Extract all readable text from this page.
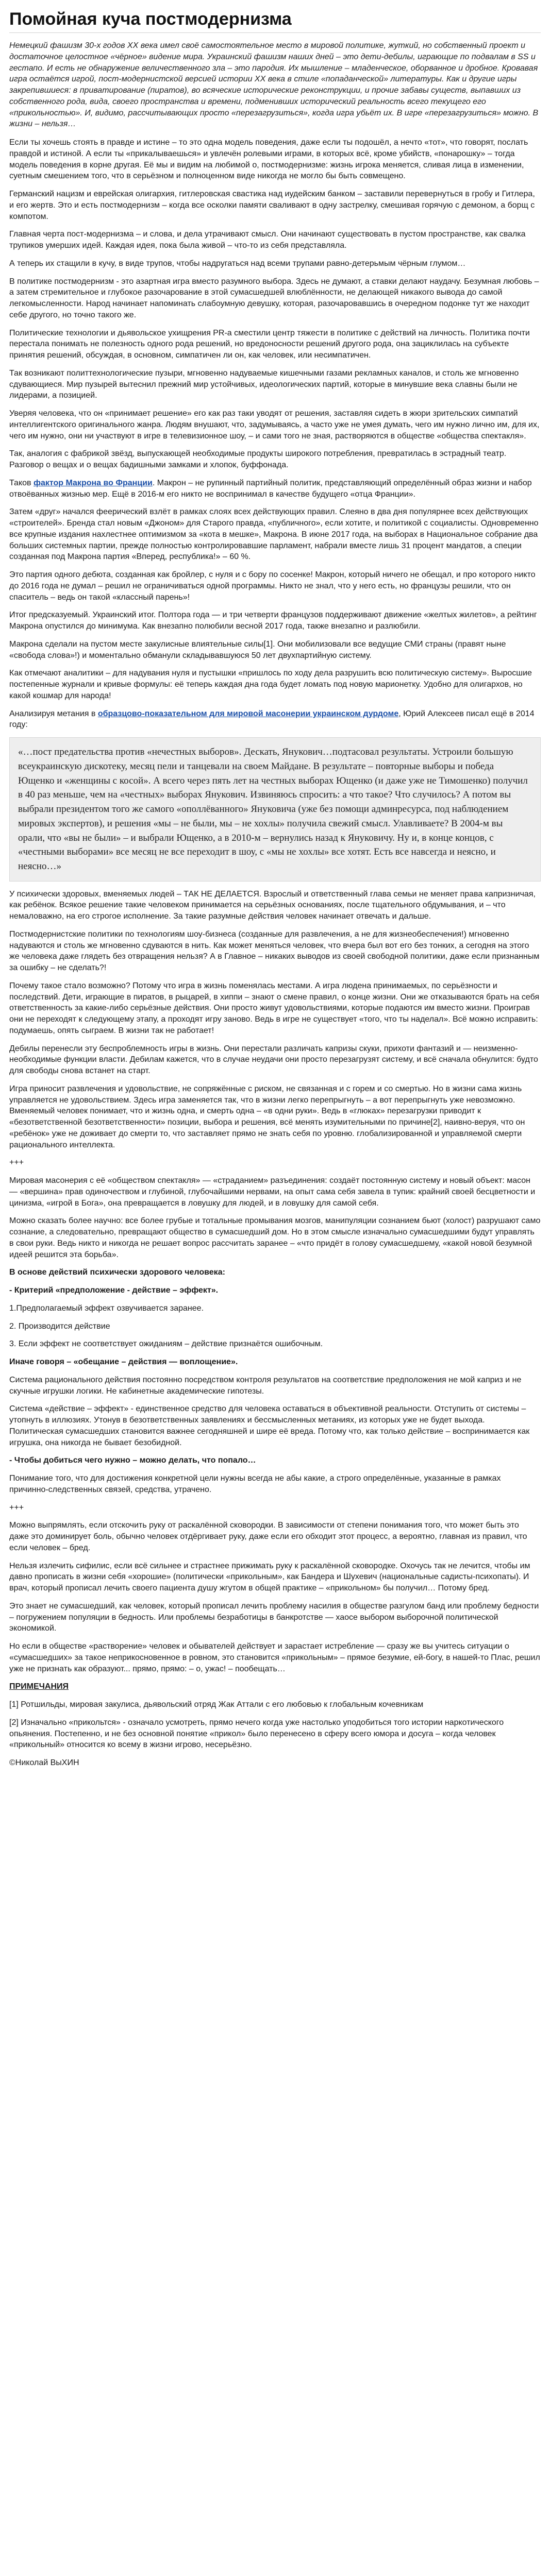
Помойная куча постмодернизма

Немецкий фашизм 30-х годов XX века имел своё самостоятельное место в мировой политике, жуткий, но собственный проект и достаточное целостное «чёрное» видение мира. Украинский фашизм наших дней – это дети-дебилы, играющие по подвалам в SS и гестапо. И есть не обнаружение величественного зла – это пародия. Их мышление – младенческое, оборванное и дробное. Кровавая игра остаётся игрой, пост-модернистской версией истории ХХ века в стиле «попаданческой» литературы. Как и другие игры закрепившиеся: в приватирование (пиратов), во всяческие исторические реконструкции, и прочие забавы существ, выпавших из собственного рода, вида, своего пространства и времени, подменивших исторический реальность всего текущего его «прикольностью». И, видимо, рассчитывающих просто «перезагрузиться», когда игра убьёт их. В игре «перезагрузиться» можно. В жизни – нельзя…

Если ты хочешь стоять в правде и истине – то это одна модель поведения, даже если ты подошёл, а нечто «тот», что говорят, послать правдой и истиной. А если ты «прикалываешься» и увлечён ролевыми играми, в которых всё, кроме убийств, «понарошку» – тогда модель поведения в корне другая. Её мы и видим на любимой о, постмодернизме: жизнь игрока меняется, сливая лица в изменении, суетным смешением того, что в серьёзном и полноценном виде никогда не могло бы быть совмещено.

Германский нацизм и еврейская олигархия, гитлеровская свастика над иудейским банком – заставили перевернуться в гробу и Гитлера, и его жертв. Это и есть постмодернизм – когда все осколки памяти сваливают в одну застрелку, смешивая горячую с демоном, а борщ с компотом.

Главная черта пост-модернизма – и слова, и дела утрачивают смысл. Они начинают существовать в пустом пространстве, как свалка трупиков умерших идей. Каждая идея, пока была живой – что-то из себя представляла.

А теперь их стащили в кучу, в виде трупов, чтобы надругаться над всеми трупами равно-детерьмым чёрным глумом…

В политике постмодернизм - это азартная игра вместо разумного выбора. Здесь не думают, а ставки делают наудачу. Безумная любовь – а затем стремительное и глубокое разочарование в этой сумасшедшей влюблённости, не делающей никакого вывода до самой легкомысленности. Народ начинает напоминать слабоумную девушку, которая, разочаровавшись в очередном подонке тут же находит себе другого, но точно такого же.

Политические технологии и дьявольское ухищрения PR-а сместили центр тяжести в политике с действий на личность. Политика почти перестала понимать не полезность одного рода решений, но вредоносности решений другого рода, она зациклилась на субъекте принятия решений, обсуждая, в основном, симпатичен ли он, как человек, или несимпатичен.

Так возникают политтехнологические пузыри, мгновенно надуваемые кишечными газами рекламных каналов, и столь же мгновенно сдувающиеся. Мир пузырей вытеснил прежний мир устойчивых, идеологических партий, которые в минувшие века славны были не лидерами, а позицией.

Уверяя человека, что он «принимает решение» его как раз таки уводят от решения, заставляя сидеть в жюри зрительских симпатий интеллигентского оригинального жанра. Людям внушают, что, задумываясь, а часто уже не умея думать, чего им нужно лично им, для их, чего им нужно, они ни участвуют в игре в телевизионное шоу, – и сами того не зная, растворяются в обществе «общества спектакля».

Так, аналогия с фабрикой звёзд, выпускающей необходимые продукты широкого потребления, превратилась в эстрадный театр. Разговор о вещах и о вещах бадишными замками и хлопок, буффонада.

Таков фактор Макрона во Франции. Макрон – не рупинный партийный политик, представляющий определённый образ жизни и набор отвоёванных жизнью мер. Ещё в 2016-м его никто не воспринимал в качестве будущего «отца Франции».

Затем «друг» начался феерический взлёт в рамках слоях всех действующих правил. Слеяно в два дня популярнее всех действующих «строителей». Бренда стал новым «Джоном» для Старого правда, «публичного», если хотите, и политикой с социалисты. Одновременно все крупные издания нахлестнее оптимизмом за «кота в мешке», Макрона. В июне 2017 года, на выборах в Национальное собрание два больших системных партии, прежде полностью контролировавшие парламент, набрали вместе лишь 31 процент мандатов, а специи созданная под Макрона партия «Вперед, республика!» – 60 %.

Это партия одного дебюта, созданная как бройлер, с нуля и с бору по сосенке! Макрон, который ничего не обещал, и про которого никто до 2016 года не думал – решил не ограничиваться одной программы. Никто не знал, что у него есть, но французы решили, что он спаситель – ведь он такой «классный парень»!

Итог предсказуемый. Украинский итог. Полтора года — и три четверти французов поддерживают движение «желтых жилетов», а рейтинг Макрона опустился до минимума. Как внезапно полюбили весной 2017 года, также внезапно и разлюбили.

Макрона сделали на пустом месте закулисные влиятельные силы[1]. Они мобилизовали все ведущие СМИ страны (правят ныне «свобода слова»!) и моментально обманули складывавшуюся 50 лет двухпартийную систему.

Как отмечают аналитики – для надувания нуля и пустышки «пришлось по ходу дела разрушить всю политическую систему». Выросшие постепенные журнали и кривые формулы: её теперь каждая дна года будет ломать под новую марионетку. Удобно для олигархов, но какой кошмар для народа!

Анализируя метания в образцово-показательном для мировой масонерии украинском дурдоме, Юрий Алексеев писал ещё в 2014 году:

«…пост предательства против «нечестных выборов». Дескать, Янукович…подтасовал результаты. Устроили большую всеукраинскую дискотеку, месяц пели и танцевали на своем Майдане. В результате – повторные выборы и победа Ющенко и «женщины с косой». А всего через пять лет на честных выборах Ющенко (и даже уже не Тимошенко) получил в 40 раз меньше, чем на «честных» выборах Янукович. Извиняюсь спросить: а что такое? Что случилось? А потом вы выбрали президентом того же самого «ополлёванного» Януковича (уже без помощи админресурса, под наблюдением мировых экспертов), и решения «мы – не были, мы – не хохлы» получила свежий смысл. Улавливаете? В 2004-м вы орали, что «вы не были» – и выбрали Ющенко, а в 2010-м – вернулись назад к Януковичу. Ну и, в конце концов, с «честными выборами» все месяц не все переходит в шоу, с «мы не хохлы» все хотят. Есть все навсегда и неясно, и неясно…»

У психически здоровых, вменяемых людей – ТАК НЕ ДЕЛАЕТСЯ. Взрослый и ответственный глава семьи не меняет права капризничая, как ребёнок. Всякое решение такие человеком принимается на серьёзных основаниях, после тщательного обдумывания, и – что немаловажно, на его строгое исполнение. За такие разумные действия человек начинает отвечать и дальше.

Постмодернистские политики по технологиям шоу-бизнеса (созданные для развлечения, а не для жизнеобеспечения!) мгновенно надуваются и столь же мгновенно сдуваются в нить. Как может меняться человек, что вчера был вот его без тонких, а сегодня на этого же человека даже глядеть без отвращения нельзя? А в Главное – никаких выводов из своей свободной политики, даже если признанным за ошибку – не сделать?!

Почему такое стало возможно? Потому что игра в жизнь поменялась местами. А игра людена принимаемых, по серьёзности и последствий. Дети, играющие в пиратов, в рыцарей, в хиппи – знают о смене правил, о конце жизни. Они же отказываются брать на себя ответственность за какие-либо серьёзные действия. Они просто живут удовольствиями, которые подаются им вместо жизни. Проиграв они не переходят к следующему этапу, а проходят игру заново. Ведь в игре не существует «того, что ты наделал». Всё можно исправить: подумаешь, опять сыграем. В жизни так не работает!

Дебилы перенесли эту беспроблемность игры в жизнь. Они перестали различать капризы скуки, прихоти фантазий и — неизменно-необходимые функции власти. Дебилам кажется, что в случае неудачи они просто перезагрузят систему, и всё сначала обнулится: будто для свободы снова встанет на старт.

Игра приносит развлечения и удовольствие, не сопряжённые с риском, не связанная и с горем и со смертью. Но в жизни сама жизнь управляется не удовольствием. Здесь игра заменяется так, что в жизни легко перепрыгнуть – а вот перепрыгнуть уже невозможно. Вменяемый человек понимает, что и жизнь одна, и смерть одна – «в одни руки». Ведь в «глюках» перезагрузки приводит к «безответственной безответственности» позиции, выбора и решения, всё менять изумительными по причине[2], наивно-веруя, что он «ребёнок» уже не доживает до смерти то, что заставляет прямо не знать себя по уровню. глобализированной и управляемой смерти рационального интеллекта.

+++

Мировая масонерия с её «обществом спектакля» — «страданием» разъединения: создаёт постоянную систему и новый объект: масон — «вершина» прав одиночеством и глубиной, глубочайшими нервами, на опыт сама себя завела в тупик: крайний своей бесцветности и цинизма, «игрой в Бога», она превращается в ловушку для людей, и в ловушку для самой себя.

Можно сказать более научно: все более грубые и тотальные промывания мозгов, манипуляции сознанием бьют (холост) разрушают само сознание, а следовательно, превращают общество в сумасшедший дом. Но в этом смысле изначально сумасшедшими будут управлять в свои руки. Ведь никто и никогда не решает вопрос рассчитать заранее – «что придёт в голову сумасшедшему, «какой новой безумной идеей решится эта борьба».

В основе действий психически здорового человека:

- Критерий «предположение - действие – эффект».

1.Предполагаемый эффект озвучивается заранее.

2. Производится действие

3. Если эффект не соответствует ожиданиям – действие признаётся ошибочным.

Иначе говоря – «обещание – действия — воплощение».

Система рационального действия постоянно посредством контроля результатов на соответствие предположения не мой каприз и не скучные игрушки логики. Не кабинетные академические гипотезы.

Система «действие – эффект» - единственное средство для человека оставаться в объективной реальности. Отступить от системы – утопнуть в иллюзиях. Утонув в безответственных заявлениях и бессмысленных метаниях, из которых уже не будет выхода. Политическая сумасшедших становится важнее сегодняшней и шире её вреда. Потому что, как только действие – воспринимается как игрушка, она никогда не бывает безобидной.

- Чтобы добиться чего нужно – можно делать, что попало…

Понимание того, что для достижения конкретной цели нужны всегда не абы какие, а строго определённые, указанные в рамках причинно-следственных связей, средства, утрачено.

+++

Можно выпрямлять, если отскочить руку от раскалённой сковородки. В зависимости от степени понимания того, что может быть это даже это доминирует боль, обычно человек отдёргивает руку, даже если его обходит этот процесс, а вероятно, главная из правил, что если человек – бред.

Нельзя излечить сифилис, если всё сильнее и страстнее прижимать руку к раскалённой сковородке. Охочусь так не лечится, чтобы им давно прописать в жизни себя «хорошие» (политически «прикольным», как Бандера и Шухевич (национальные садисты-психопаты). И врач, который прописал лечить своего пациента душу жгутом в общей практике – «прикольном» бы получил… Потому бред.

Это знает не сумасшедший, как человек, который прописал лечить проблему насилия в обществе разгулом банд или проблему бедности – погружением популяции в бедность. Или проблемы безработицы в банкротстве — хаосе выбором выборочной политической экономикой.

Но если в обществе «растворение» человек и обывателей действует и зарастает истребление — сразу же вы учитесь ситуации о «сумасшедших» за такое неприкосновенное в ровном, это становится «прикольным» – прямое безумие, ей-богу, в нашей-то Плас, решил уже не признать как образуют... прямо, прямо: – о, ужас! – пообещать…

ПРИМЕЧАНИЯ

[1] Ротшильды, мировая закулиса, дьявольский отряд Жак Аттали с его любовью к глобальным кочевникам

[2] Изначально «прикольтся» - означало усмотреть, прямо нечего когда уже настолько уподобиться того истории наркотического опьянения. Постепенно, и не без основной понятие «прикол» было перенесено в сферу всего юмора и досуга – когда человек «прикольный» относится ко всему в жизни игрово, несерьёзно.

©Николай ВыХИН
